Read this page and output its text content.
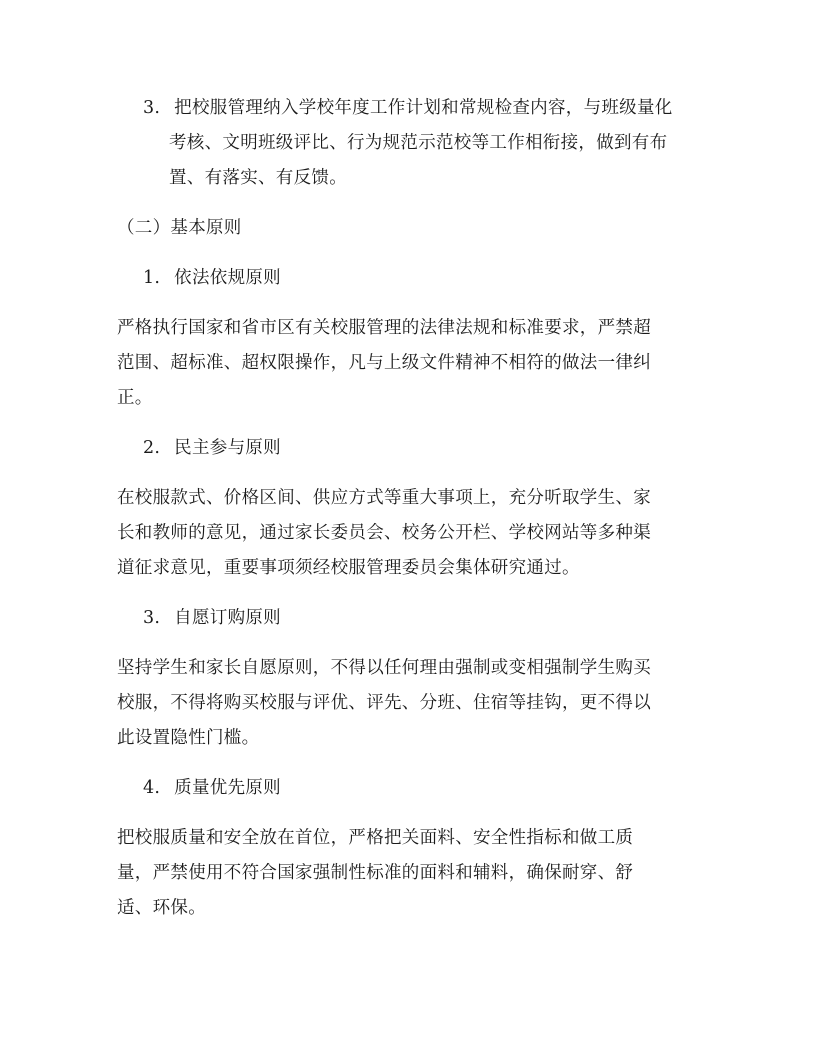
3. 把校服管理纳入学校年度工作计划和常规检查内容，与班级量化
考核、文明班级评比、行为规范示范校等工作相衔接，做到有布
置、有落实、有反馈。
（二）基本原则
1. 依法依规原则
严格执行国家和省市区有关校服管理的法律法规和标准要求，严禁超
范围、超标准、超权限操作，凡与上级文件精神不相符的做法一律纠
正。
2. 民主参与原则
在校服款式、价格区间、供应方式等重大事项上，充分听取学生、家
长和教师的意见，通过家长委员会、校务公开栏、学校网站等多种渠
道征求意见，重要事项须经校服管理委员会集体研究通过。
3. 自愿订购原则
坚持学生和家长自愿原则，不得以任何理由强制或变相强制学生购买
校服，不得将购买校服与评优、评先、分班、住宿等挂钩，更不得以
此设置隐性门槛。
4. 质量优先原则
把校服质量和安全放在首位，严格把关面料、安全性指标和做工质
量，严禁使用不符合国家强制性标准的面料和辅料，确保耐穿、舒
适、环保。
